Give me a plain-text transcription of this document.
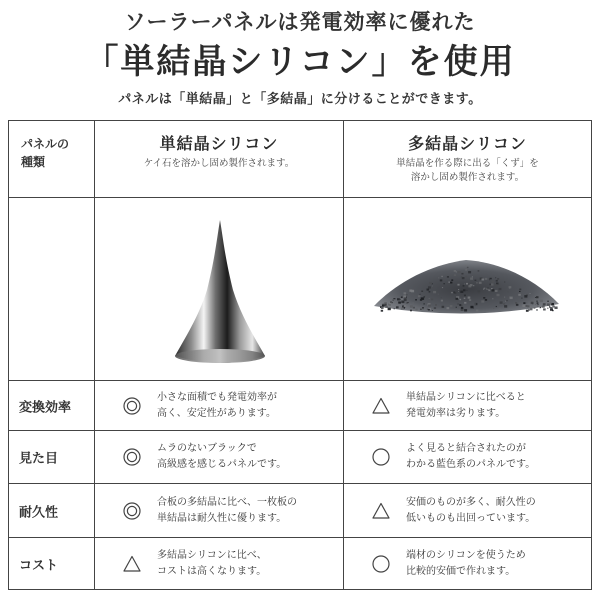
ソーラーパネルは発電効率に優れた
「単結晶シリコン」を使用
パネルは「単結晶」と「多結晶」に分けることができます。
パネルの
種類
単結晶シリコン
ケイ石を溶かし固め製作されます。
多結晶シリコン
単結晶を作る際に出る「くず」を
溶かし固め製作されます。
変換効率
小さな面積でも発電効率が
高く、安定性があります。
単結晶シリコンに比べると
発電効率は劣ります。
見た目
ムラのないブラックで
高級感を感じるパネルです。
よく見ると結合されたのが
わかる藍色系のパネルです。
耐久性
合板の多結晶に比べ、一枚板の
単結晶は耐久性に優ります。
安価のものが多く、耐久性の
低いものも出回っています。
コスト
多結晶シリコンに比べ、
コストは高くなります。
端材のシリコンを使うため
比較的安価で作れます。
